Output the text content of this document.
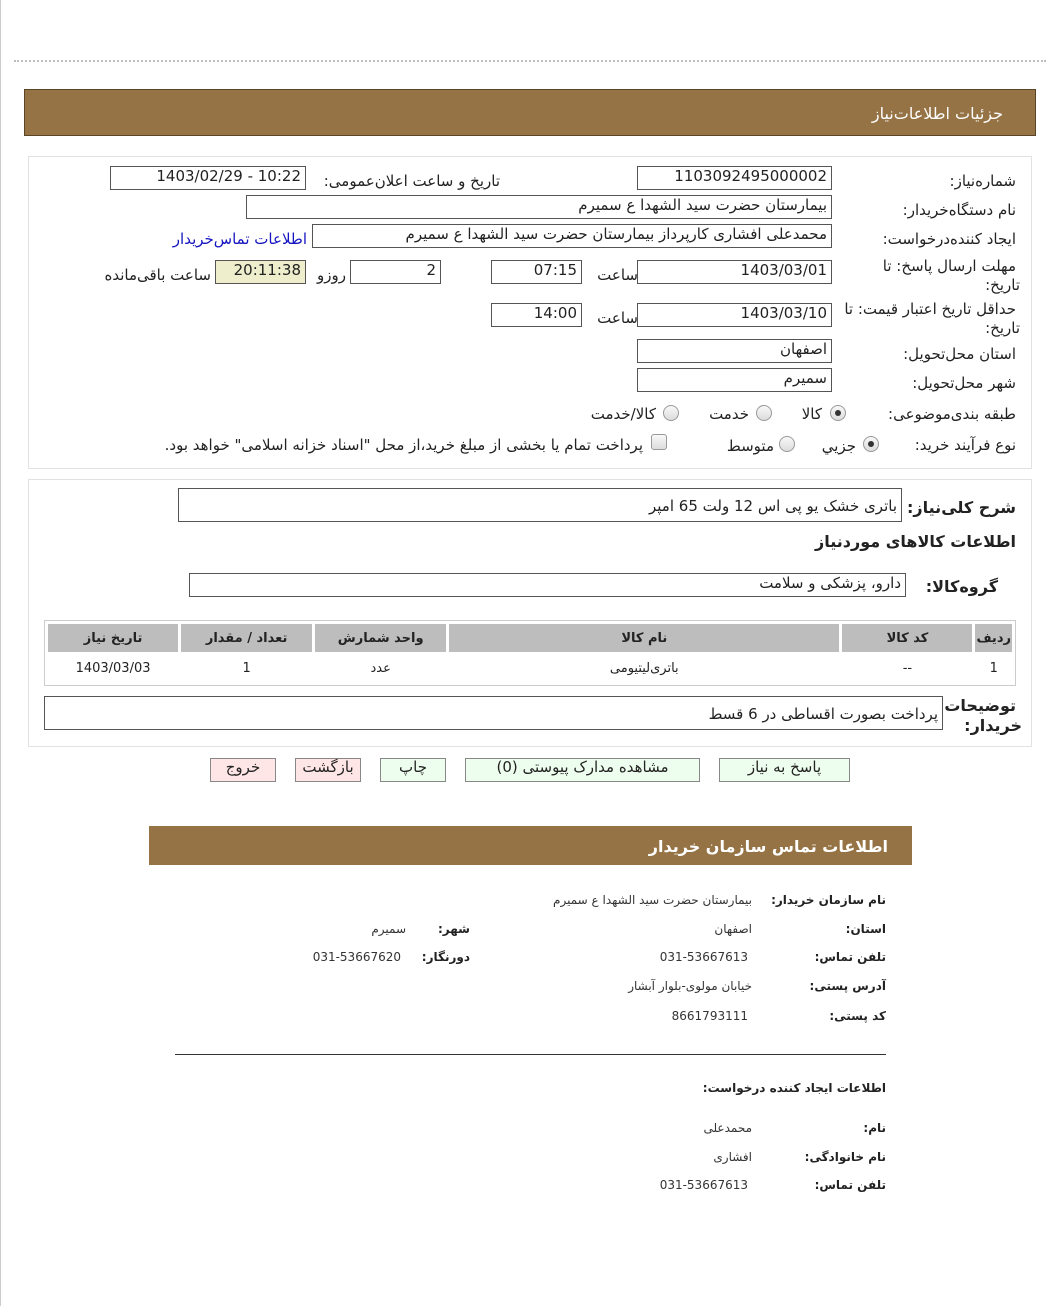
جزئيات اطلاعات‌نیاز
شماره‌نیاز:
1103092495000002
تاريخ و ساعت اعلان‌عمومی:
1403/02/29 - 10:22
نام دستگاه‌خريدار:
بیمارستان حضرت سید الشهدا ع سمیرم
ايجاد کننده‌درخواست:
محمدعلی افشاری کارپرداز بیمارستان حضرت سید الشهدا ع سمیرم
اطلاعات تماس‌خريدار
مهلت ارسال پاسخ: تا
تاريخ:
1403/03/01
ساعت
07:15
2
روزو
20:11:38
ساعت باقی‌مانده
حداقل تاريخ اعتبار قيمت: تا
تاريخ:
1403/03/10
ساعت
14:00
استان محل‌تحويل:
اصفهان
شهر محل‌تحويل:
سمیرم
طبقه بندی‌موضوعی:
کالا
خدمت
کالا/خدمت
نوع فرآيند خريد:
جزيي
متوسط
پرداخت تمام يا بخشی از مبلغ خريد،از محل "اسناد خزانه اسلامی" خواهد بود.
شرح کلی‌نياز:
باتری خشک یو پی اس 12 ولت 65 امپر
اطلاعات کالاهای موردنياز
گروه‌کالا:
دارو، پزشکی و سلامت
رديف	کد کالا	نام کالا	واحد شمارش	تعداد / مقدار	تاريخ نياز
1	--	باتری‌لیتیومی	عدد	1	1403/03/03
توضيحات
خريدار:
پرداخت بصورت اقساطی در 6 قسط
پاسخ به نياز
مشاهده مدارک پيوستی (0)
چاپ
بازگشت
خروج
اطلاعات تماس سازمان خریدار
نام سازمان خریدار:
بیمارستان حضرت سید الشهدا ع سمیرم
استان:
اصفهان
شهر:
سمیرم
تلفن تماس:
031-53667613
دورنگار:
031-53667620
آدرس پستی:
خیابان مولوی-بلوار آبشار
کد پستی:
8661793111
اطلاعات ایجاد کننده درخواست:
نام:
محمدعلی
نام خانوادگی:
افشاری
تلفن تماس:
031-53667613
